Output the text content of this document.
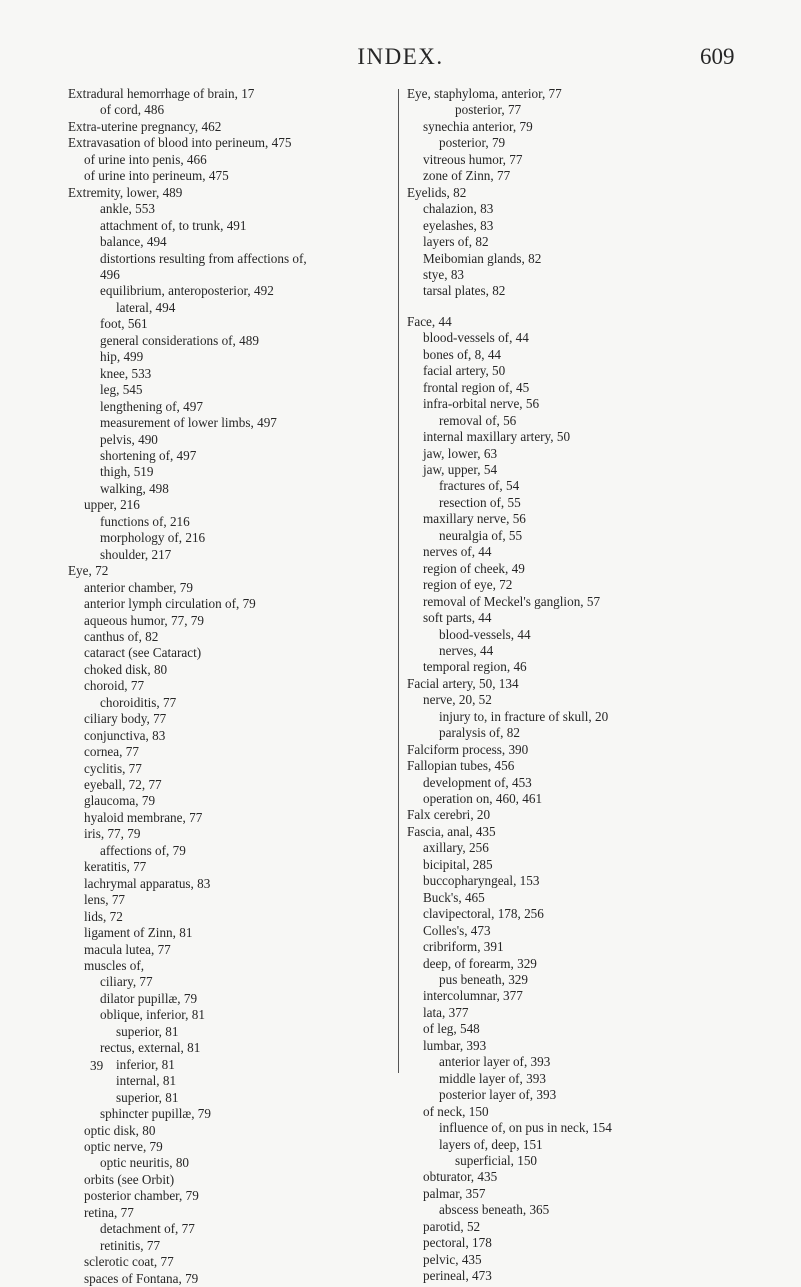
INDEX.	609
Extradural hemorrhage of brain, 17
of cord, 486
Extra-uterine pregnancy, 462
Extravasation of blood into perineum, 475
of urine into penis, 466
of urine into perineum, 475
Extremity, lower, 489
ankle, 553
attachment of, to trunk, 491
balance, 494
distortions resulting from affections of,
496
equilibrium, anteroposterior, 492
lateral, 494
foot, 561
general considerations of, 489
hip, 499
knee, 533
leg, 545
lengthening of, 497
measurement of lower limbs, 497
pelvis, 490
shortening of, 497
thigh, 519
walking, 498
upper, 216
functions of, 216
morphology of, 216
shoulder, 217
Eye, 72
anterior chamber, 79
anterior lymph circulation of, 79
aqueous humor, 77, 79
canthus of, 82
cataract (see Cataract)
choked disk, 80
choroid, 77
choroiditis, 77
ciliary body, 77
conjunctiva, 83
cornea, 77
cyclitis, 77
eyeball, 72, 77
glaucoma, 79
hyaloid membrane, 77
iris, 77, 79
affections of, 79
keratitis, 77
lachrymal apparatus, 83
lens, 77
lids, 72
ligament of Zinn, 81
macula lutea, 77
muscles of,
ciliary, 77
dilator pupillæ, 79
oblique, inferior, 81
superior, 81
rectus, external, 81
inferior, 81
internal, 81
superior, 81
sphincter pupillæ, 79
optic disk, 80
optic nerve, 79
optic neuritis, 80
orbits (see Orbit)
posterior chamber, 79
retina, 77
detachment of, 77
retinitis, 77
sclerotic coat, 77
spaces of Fontana, 79
Eye, staphyloma, anterior, 77
posterior, 77
synechia anterior, 79
posterior, 79
vitreous humor, 77
zone of Zinn, 77
Eyelids, 82
chalazion, 83
eyelashes, 83
layers of, 82
Meibomian glands, 82
stye, 83
tarsal plates, 82
Face, 44
blood-vessels of, 44
bones of, 8, 44
facial artery, 50
frontal region of, 45
infra-orbital nerve, 56
removal of, 56
internal maxillary artery, 50
jaw, lower, 63
jaw, upper, 54
fractures of, 54
resection of, 55
maxillary nerve, 56
neuralgia of, 55
nerves of, 44
region of cheek, 49
region of eye, 72
removal of Meckel's ganglion, 57
soft parts, 44
blood-vessels, 44
nerves, 44
temporal region, 46
Facial artery, 50, 134
nerve, 20, 52
injury to, in fracture of skull, 20
paralysis of, 82
Falciform process, 390
Fallopian tubes, 456
development of, 453
operation on, 460, 461
Falx cerebri, 20
Fascia, anal, 435
axillary, 256
bicipital, 285
buccopharyngeal, 153
Buck's, 465
clavipectoral, 178, 256
Colles's, 473
cribriform, 391
deep, of forearm, 329
pus beneath, 329
intercolumnar, 377
lata, 377
of leg, 548
lumbar, 393
anterior layer of, 393
middle layer of, 393
posterior layer of, 393
of neck, 150
influence of, on pus in neck, 154
layers of, deep, 151
superficial, 150
obturator, 435
palmar, 357
abscess beneath, 365
parotid, 52
pectoral, 178
pelvic, 435
perineal, 473
39
